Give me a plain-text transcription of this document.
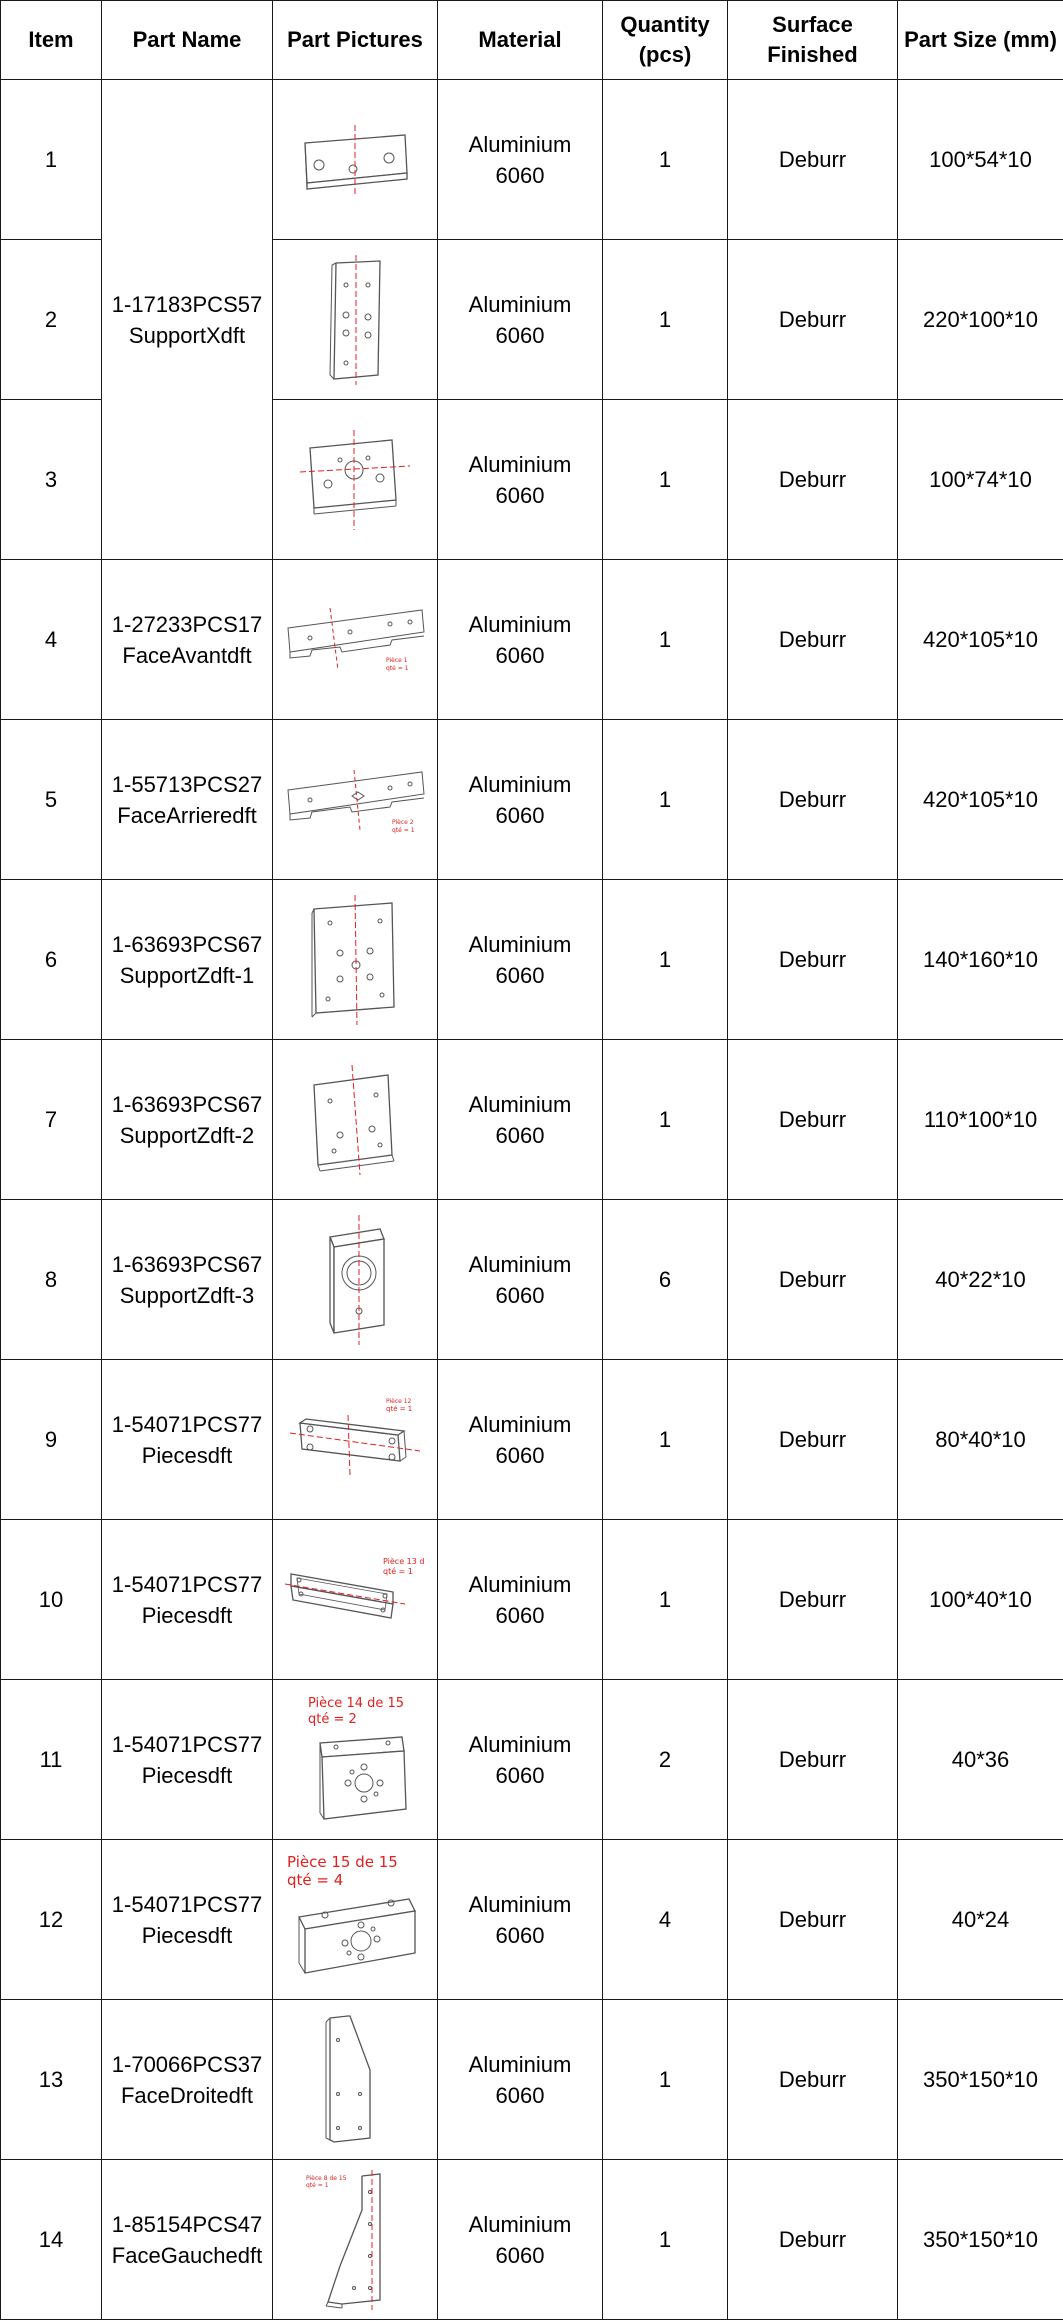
Item	Part Name	Part Pictures	Material	Quantity (pcs)	Surface Finished	Part Size (mm)
1	1-17183PCS57SupportXdft		Aluminium 6060	1	Deburr	100*54*10
2			Aluminium 6060	1	Deburr	220*100*10
3			Aluminium 6060	1	Deburr	100*74*10
4	1-27233PCS17FaceAvantdft	Pièce 1
qté = 1	Aluminium 6060	1	Deburr	420*105*10
5	1-55713PCS27FaceArrieredft	Pièce 2
qté = 1	Aluminium 6060	1	Deburr	420*105*10
6	1-63693PCS67SupportZdft-1		Aluminium 6060	1	Deburr	140*160*10
7	1-63693PCS67SupportZdft-2		Aluminium 6060	1	Deburr	110*100*10
8	1-63693PCS67SupportZdft-3		Aluminium 6060	6	Deburr	40*22*10
9	1-54071PCS77Piecesdft	Pièce 12
qté = 1	Aluminium 6060	1	Deburr	80*40*10
10	1-54071PCS77Piecesdft	Pièce 13 d
qté = 1	Aluminium 6060	1	Deburr	100*40*10
11	1-54071PCS77Piecesdft	Pièce 14 de 15
qté = 2	Aluminium 6060	2	Deburr	40*36
12	1-54071PCS77Piecesdft	Pièce 15 de 15
qté = 4	Aluminium 6060	4	Deburr	40*24
13	1-70066PCS37FaceDroitedft		Aluminium 6060	1	Deburr	350*150*10
14	1-85154PCS47FaceGauchedft	Pièce 8 de 15
qté = 1	Aluminium 6060	1	Deburr	350*150*10
